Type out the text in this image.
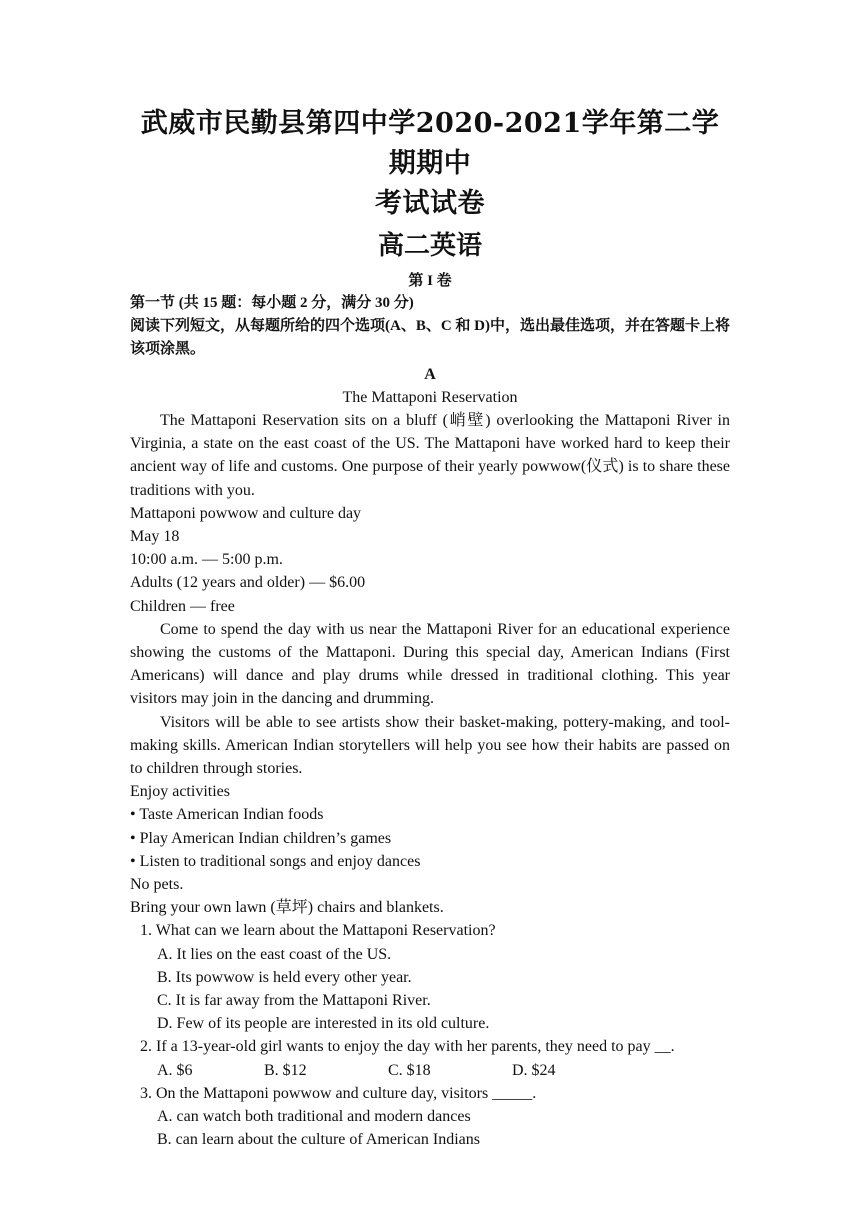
武威市民勤县第四中学2020-2021学年第二学期期中
考试试卷
高二英语
第 I 卷
第一节 (共 15 题：每小题 2 分，满分 30 分)
阅读下列短文，从每题所给的四个选项(A、B、C 和 D)中，选出最佳选项，并在答题卡上将该项涂黑。
A
The Mattaponi Reservation

The Mattaponi Reservation sits on a bluff (峭壁) overlooking the Mattaponi River in Virginia, a state on the east coast of the US. The Mattaponi have worked hard to keep their ancient way of life and customs. One purpose of their yearly powwow(仪式) is to share these traditions with you.

Mattaponi powwow and culture day

May 18

10:00 a.m. — 5:00 p.m.

Adults (12 years and older) — $6.00

Children — free

Come to spend the day with us near the Mattaponi River for an educational experience showing the customs of the Mattaponi. During this special day, American Indians (First Americans) will dance and play drums while dressed in traditional clothing. This year visitors may join in the dancing and drumming.

Visitors will be able to see artists show their basket-making, pottery-making, and tool-making skills. American Indian storytellers will help you see how their habits are passed on to children through stories.

Enjoy activities

• Taste American Indian foods

• Play American Indian children’s games

• Listen to traditional songs and enjoy dances

No pets.

Bring your own lawn (草坪) chairs and blankets.

1. What can we learn about the Mattaponi Reservation?

A. It lies on the east coast of the US.

B. Its powwow is held every other year.

C. It is far away from the Mattaponi River.

D. Few of its people are interested in its old culture.

2. If a 13-year-old girl wants to enjoy the day with her parents, they need to pay __.

A. $6	B. $12	C. $18	D. $24

3. On the Mattaponi powwow and culture day, visitors _____.

A. can watch both traditional and modern dances

B. can learn about the culture of American Indians
